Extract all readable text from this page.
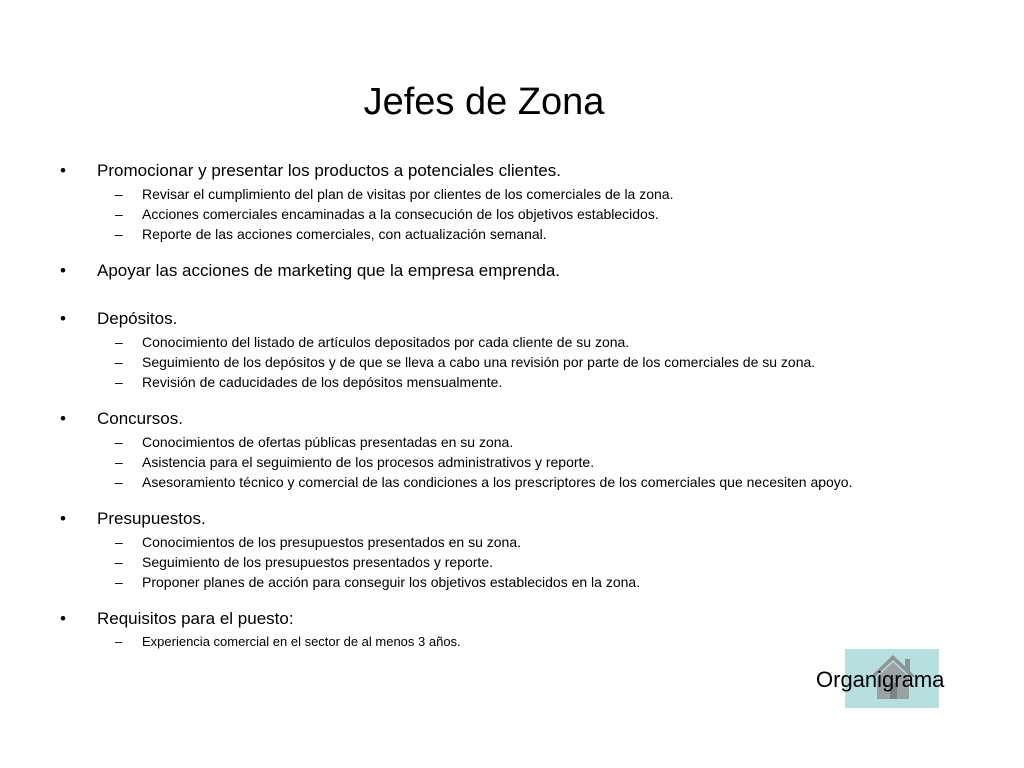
Jefes de Zona
• Promocionar y presentar los productos a potenciales clientes.
– Revisar el cumplimiento del plan de visitas por clientes de los comerciales de la zona.
– Acciones comerciales encaminadas a la consecución de los objetivos establecidos.
– Reporte de las acciones comerciales, con actualización semanal.
• Apoyar las acciones de marketing que la empresa emprenda.
• Depósitos.
– Conocimiento del listado de artículos depositados por cada cliente de su zona.
– Seguimiento de los depósitos y de que se lleva a cabo una revisión por parte de los comerciales de su zona.
– Revisión de caducidades de los depósitos mensualmente.
• Concursos.
– Conocimientos de ofertas públicas presentadas en su zona.
– Asistencia para el seguimiento de los procesos administrativos y reporte.
– Asesoramiento técnico y comercial de las condiciones a los prescriptores de los comerciales que necesiten apoyo.
• Presupuestos.
– Conocimientos de los presupuestos presentados en su zona.
– Seguimiento de los presupuestos presentados y reporte.
– Proponer planes de acción para conseguir los objetivos establecidos en la zona.
• Requisitos para el puesto:
– Experiencia comercial en el sector de al menos 3 años.
Organigrama
